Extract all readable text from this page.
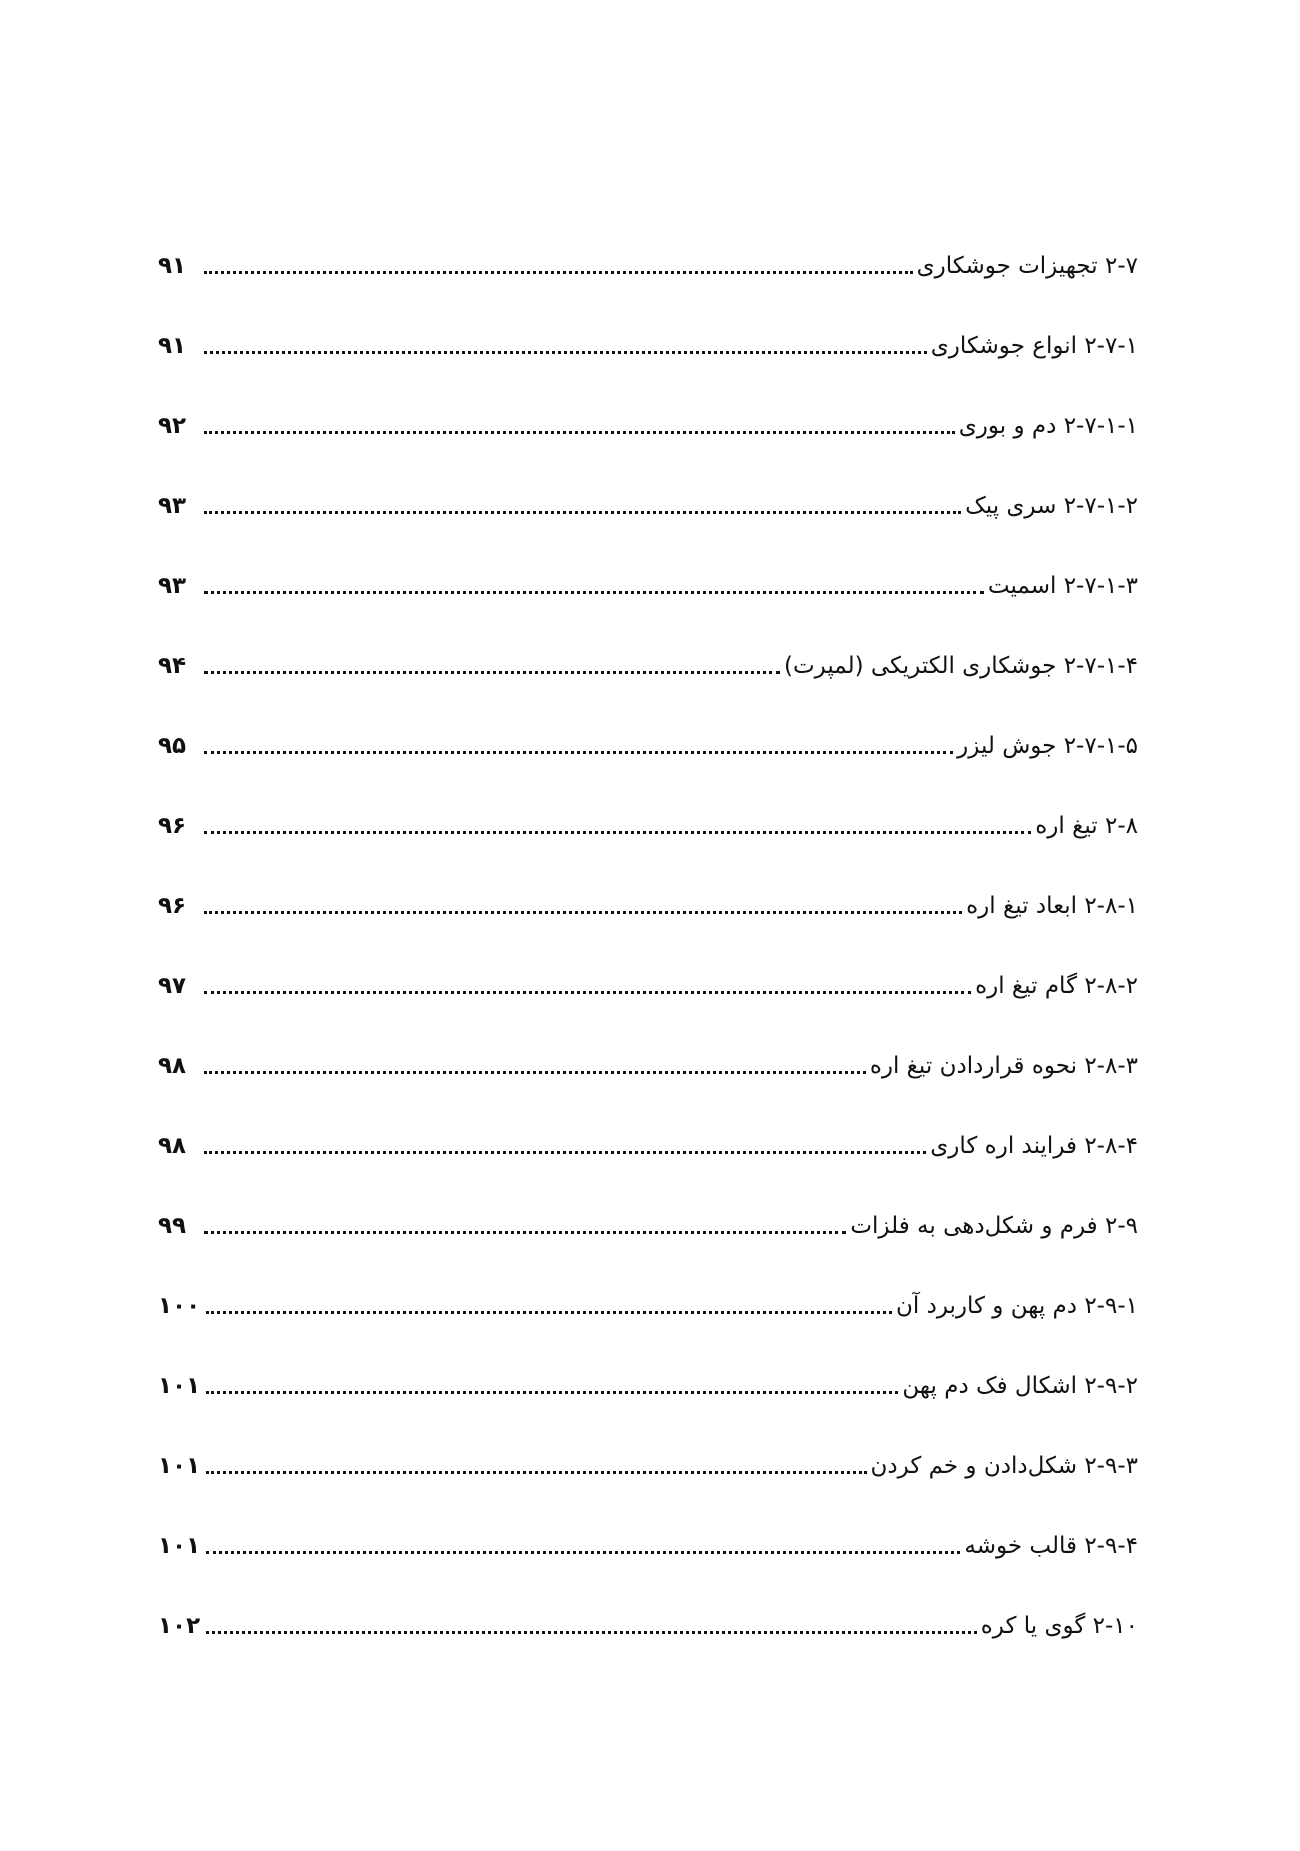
۲-۷ تجهیزات جوشکاری
۹۱
۲-۷-۱ انواع جوشکاری
۹۱
۲-۷-۱-۱ دم و بوری
۹۲
۲-۷-۱-۲ سری پیک
۹۳
۲-۷-۱-۳ اسمیت
۹۳
۲-۷-۱-۴ جوشکاری الکتریکی (لمپرت)
۹۴
۲-۷-۱-۵ جوش لیزر
۹۵
۲-۸ تیغ اره
۹۶
۲-۸-۱ ابعاد تیغ اره
۹۶
۲-۸-۲ گام تیغ اره
۹۷
۲-۸-۳ نحوه قراردادن تیغ اره
۹۸
۲-۸-۴ فرایند اره کاری
۹۸
۲-۹ فرم و شکل‌دهی به فلزات
۹۹
۲-۹-۱ دم پهن و کاربرد آن
۱۰۰
۲-۹-۲ اشکال فک دم پهن
۱۰۱
۲-۹-۳ شکل‌دادن و خم کردن
۱۰۱
۲-۹-۴ قالب خوشه
۱۰۱
۲-۱۰ گوی یا کره
۱۰۲
